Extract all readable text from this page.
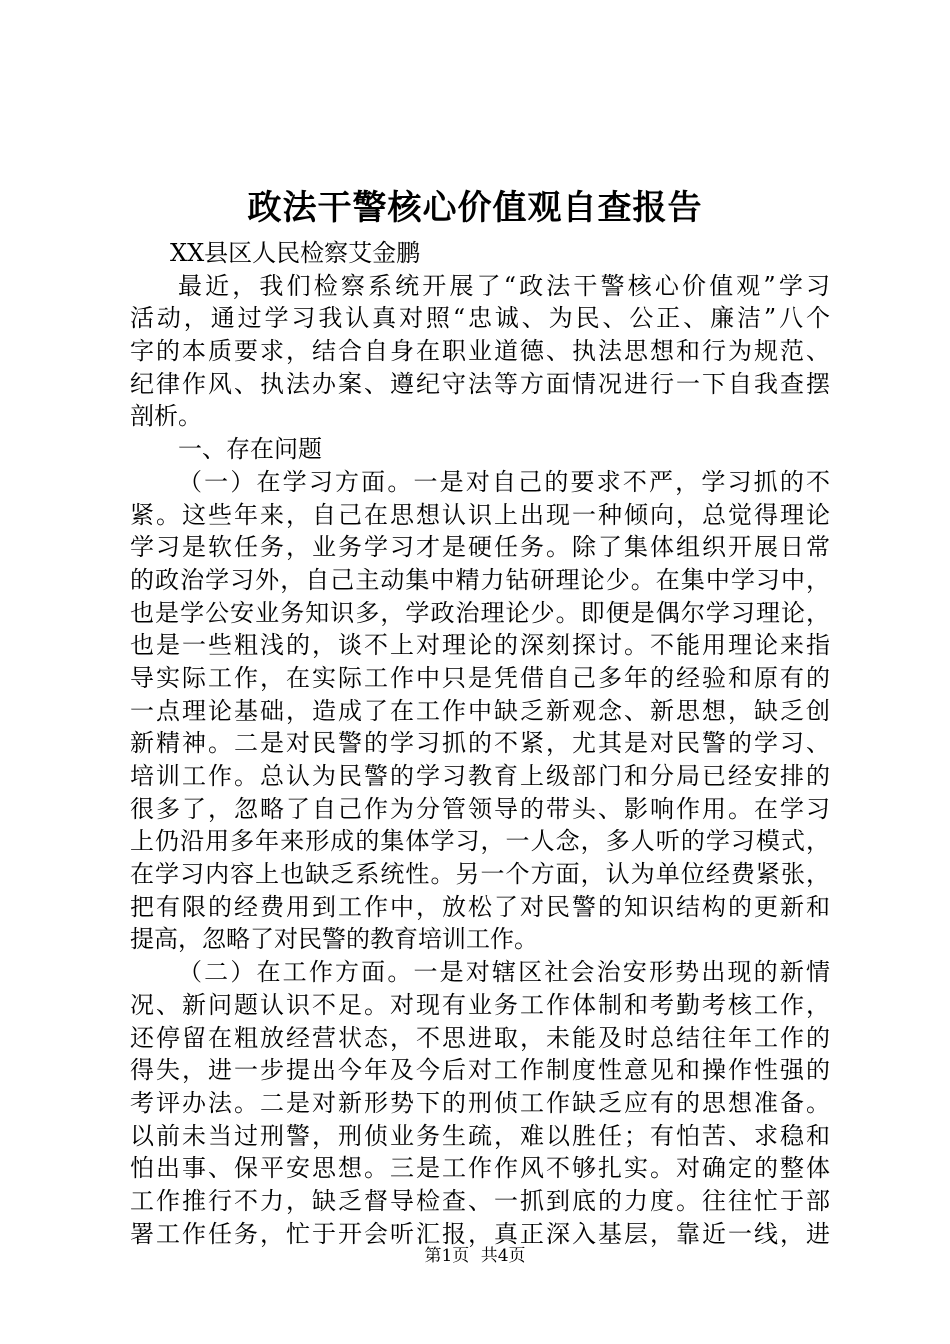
政法干警核心价值观自查报告
XX县区人民检察艾金鹏
最近，我们检察系统开展了“政法干警核心价值观”学习
活动，通过学习我认真对照“忠诚、为民、公正、廉洁”八个
字的本质要求，结合自身在职业道德、执法思想和行为规范、
纪律作风、执法办案、遵纪守法等方面情况进行一下自我查摆
剖析。
一、存在问题
（一）在学习方面。一是对自己的要求不严，学习抓的不
紧。这些年来，自己在思想认识上出现一种倾向，总觉得理论
学习是软任务，业务学习才是硬任务。除了集体组织开展日常
的政治学习外，自己主动集中精力钻研理论少。在集中学习中，
也是学公安业务知识多，学政治理论少。即便是偶尔学习理论，
也是一些粗浅的，谈不上对理论的深刻探讨。不能用理论来指
导实际工作，在实际工作中只是凭借自己多年的经验和原有的
一点理论基础，造成了在工作中缺乏新观念、新思想，缺乏创
新精神。二是对民警的学习抓的不紧，尤其是对民警的学习、
培训工作。总认为民警的学习教育上级部门和分局已经安排的
很多了，忽略了自己作为分管领导的带头、影响作用。在学习
上仍沿用多年来形成的集体学习，一人念，多人听的学习模式，
在学习内容上也缺乏系统性。另一个方面，认为单位经费紧张，
把有限的经费用到工作中，放松了对民警的知识结构的更新和
提高，忽略了对民警的教育培训工作。
（二）在工作方面。一是对辖区社会治安形势出现的新情
况、新问题认识不足。对现有业务工作体制和考勤考核工作，
还停留在粗放经营状态，不思进取，未能及时总结往年工作的
得失，进一步提出今年及今后对工作制度性意见和操作性强的
考评办法。二是对新形势下的刑侦工作缺乏应有的思想准备。
以前未当过刑警，刑侦业务生疏，难以胜任；有怕苦、求稳和
怕出事、保平安思想。三是工作作风不够扎实。对确定的整体
工作推行不力，缺乏督导检查、一抓到底的力度。往往忙于部
署工作任务，忙于开会听汇报，真正深入基层，靠近一线，进
第1页 共4页
